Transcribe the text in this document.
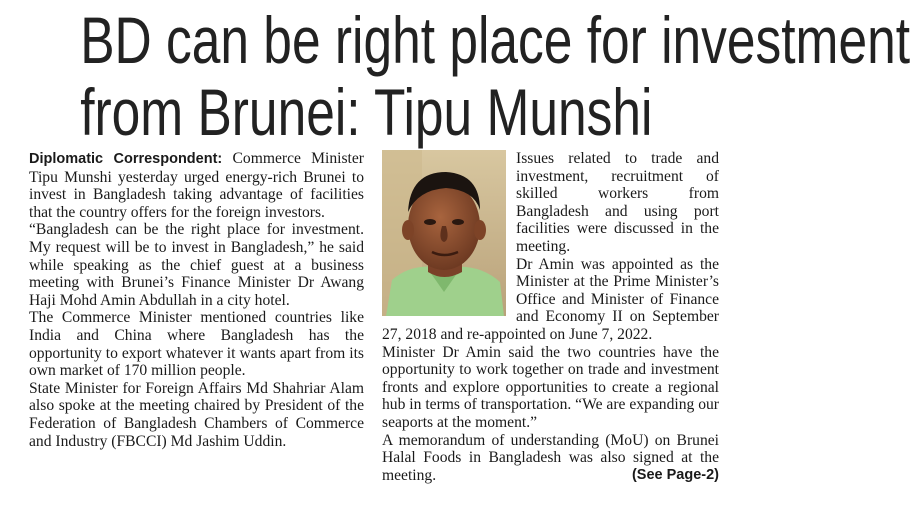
BD can be right place for investment
from Brunei: Tipu Munshi

Diplomatic Correspondent: Commerce Minister Tipu Munshi yesterday urged energy-rich Brunei to invest in Bangladesh taking advantage of facilities that the country offers for the foreign investors.

“Bangladesh can be the right place for investment. My request will be to invest in Bangladesh,” he said while speaking as the chief guest at a business meeting with Brunei’s Finance Minister Dr Awang Haji Mohd Amin Abdullah in a city hotel.

The Commerce Minister mentioned countries like India and China where Bangladesh has the opportunity to export whatever it wants apart from its own market of 170 million people.

State Minister for Foreign Affairs Md Shahriar Alam also spoke at the meeting chaired by President of the Federation of Bangladesh Chambers of Commerce and Industry (FBCCI) Md Jashim Uddin.

Issues related to trade and investment, recruitment of skilled workers from Bangladesh and using port facilities were discussed in the meeting.

Dr Amin was appointed as the Minister at the Prime Minister’s Office and Minister of Finance and Economy II on September 27, 2018 and re-appointed on June 7, 2022.

Minister Dr Amin said the two countries have the opportunity to work together on trade and investment fronts and explore opportunities to create a regional hub in terms of transportation. “We are expanding our seaports at the moment.”

A memorandum of understanding (MoU) on Brunei Halal Foods in Bangladesh was also signed at the meeting.	(See Page-2)
